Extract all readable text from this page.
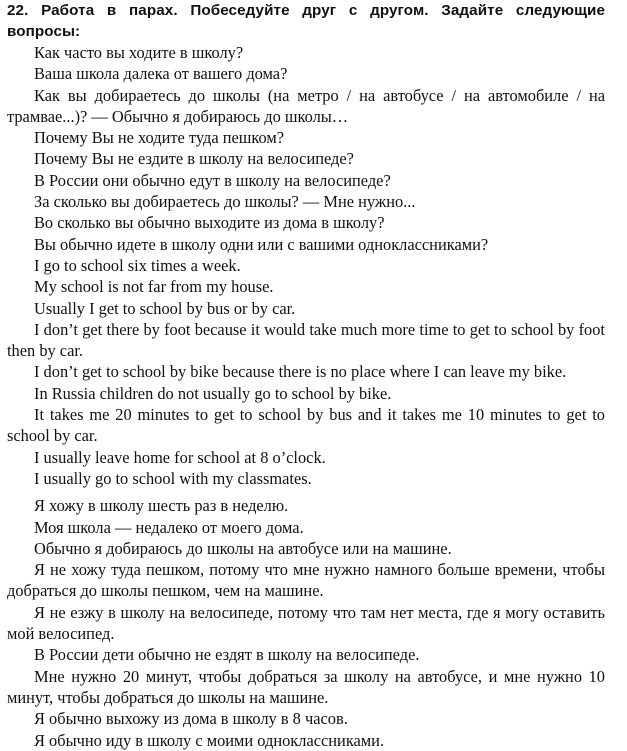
22. Работа в парах. Побеседуйте друг с другом. Задайте следующие вопросы:

Как часто вы ходите в школу?

Ваша школа далека от вашего дома?

Как вы добираетесь до школы (на метро / на автобусе / на автомобиле / на трамвае...)? — Обычно я добираюсь до школы…

Почему Вы не ходите туда пешком?

Почему Вы не ездите в школу на велосипеде?

В России они обычно едут в школу на велосипеде?

За сколько вы добираетесь до школы? — Мне нужно...

Во сколько вы обычно выходите из дома в школу?

Вы обычно идете в школу одни или с вашими одноклассниками?

I go to school six times a week.

My school is not far from my house.

Usually I get to school by bus or by car.

I don’t get there by foot because it would take much more time to get to school by foot then by car.

I don’t get to school by bike because there is no place where I can leave my bike.

In Russia children do not usually go to school by bike.

It takes me 20 minutes to get to school by bus and it takes me 10 minutes to get to school by car.

I usually leave home for school at 8 o’clock.

I usually go to school with my classmates.

Я хожу в школу шесть раз в неделю.

Моя школа — недалеко от моего дома.

Обычно я добираюсь до школы на автобусе или на машине.

Я не хожу туда пешком, потому что мне нужно намного больше времени, чтобы добраться до школы пешком, чем на машине.

Я не езжу в школу на велосипеде, потому что там нет места, где я могу оставить мой велосипед.

В России дети обычно не ездят в школу на велосипеде.

Мне нужно 20 минут, чтобы добраться за школу на автобусе, и мне нужно 10 минут, чтобы добраться до школы на машине.

Я обычно выхожу из дома в школу в 8 часов.

Я обычно иду в школу с моими одноклассниками.
